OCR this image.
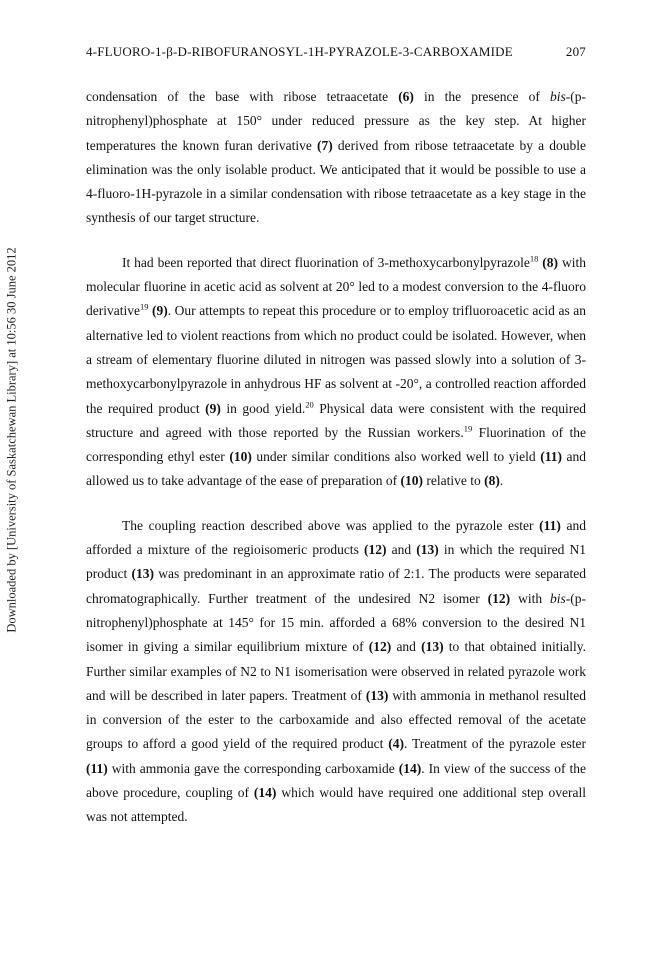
4-FLUORO-1-β-D-RIBOFURANOSYL-1H-PYRAZOLE-3-CARBOXAMIDE	207
Downloaded by [University of Saskatchewan Library] at 10:56 30 June 2012

condensation of the base with ribose tetraacetate (6) in the presence of bis-(p-nitrophenyl)phosphate at 150° under reduced pressure as the key step. At higher temperatures the known furan derivative (7) derived from ribose tetraacetate by a double elimination was the only isolable product. We anticipated that it would be possible to use a 4-fluoro-1H-pyrazole in a similar condensation with ribose tetraacetate as a key stage in the synthesis of our target structure.

It had been reported that direct fluorination of 3-methoxycarbonylpyrazole$^{18}$ (8) with molecular fluorine in acetic acid as solvent at 20° led to a modest conversion to the 4-fluoro derivative$^{19}$ (9). Our attempts to repeat this procedure or to employ trifluoroacetic acid as an alternative led to violent reactions from which no product could be isolated. However, when a stream of elementary fluorine diluted in nitrogen was passed slowly into a solution of 3-methoxycarbonylpyrazole in anhydrous HF as solvent at -20°, a controlled reaction afforded the required product (9) in good yield.$^{20}$ Physical data were consistent with the required structure and agreed with those reported by the Russian workers.$^{19}$ Fluorination of the corresponding ethyl ester (10) under similar conditions also worked well to yield (11) and allowed us to take advantage of the ease of preparation of (10) relative to (8).

The coupling reaction described above was applied to the pyrazole ester (11) and afforded a mixture of the regioisomeric products (12) and (13) in which the required N1 product (13) was predominant in an approximate ratio of 2:1. The products were separated chromatographically. Further treatment of the undesired N2 isomer (12) with bis-(p-nitrophenyl)phosphate at 145° for 15 min. afforded a 68% conversion to the desired N1 isomer in giving a similar equilibrium mixture of (12) and (13) to that obtained initially. Further similar examples of N2 to N1 isomerisation were observed in related pyrazole work and will be described in later papers. Treatment of (13) with ammonia in methanol resulted in conversion of the ester to the carboxamide and also effected removal of the acetate groups to afford a good yield of the required product (4). Treatment of the pyrazole ester (11) with ammonia gave the corresponding carboxamide (14). In view of the success of the above procedure, coupling of (14) which would have required one additional step overall was not attempted.
